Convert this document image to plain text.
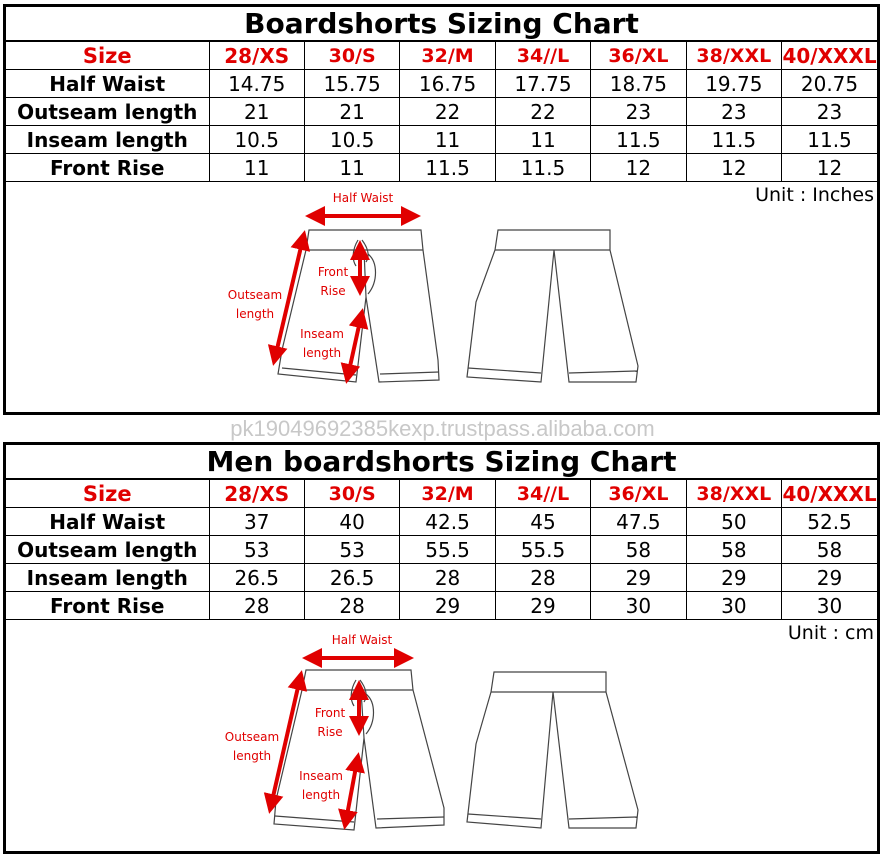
Boardshorts Sizing Chart
Size	28/XS	30/S	32/M	34//L	36/XL	38/XXL	40/XXXL
Half Waist	14.75	15.75	16.75	17.75	18.75	19.75	20.75
Outseam length	21	21	22	22	23	23	23
Inseam length	10.5	10.5	11	11	11.5	11.5	11.5
Front Rise	11	11	11.5	11.5	12	12	12
Unit : Inches
Half Waist
Front
Rise
Outseam
length
Inseam
length
pk19049692385kexp.trustpass.alibaba.com
Men boardshorts Sizing Chart
Size	28/XS	30/S	32/M	34//L	36/XL	38/XXL	40/XXXL
Half Waist	37	40	42.5	45	47.5	50	52.5
Outseam length	53	53	55.5	55.5	58	58	58
Inseam length	26.5	26.5	28	28	29	29	29
Front Rise	28	28	29	29	30	30	30
Unit : cm
Half Waist
Front
Rise
Outseam
length
Inseam
length
